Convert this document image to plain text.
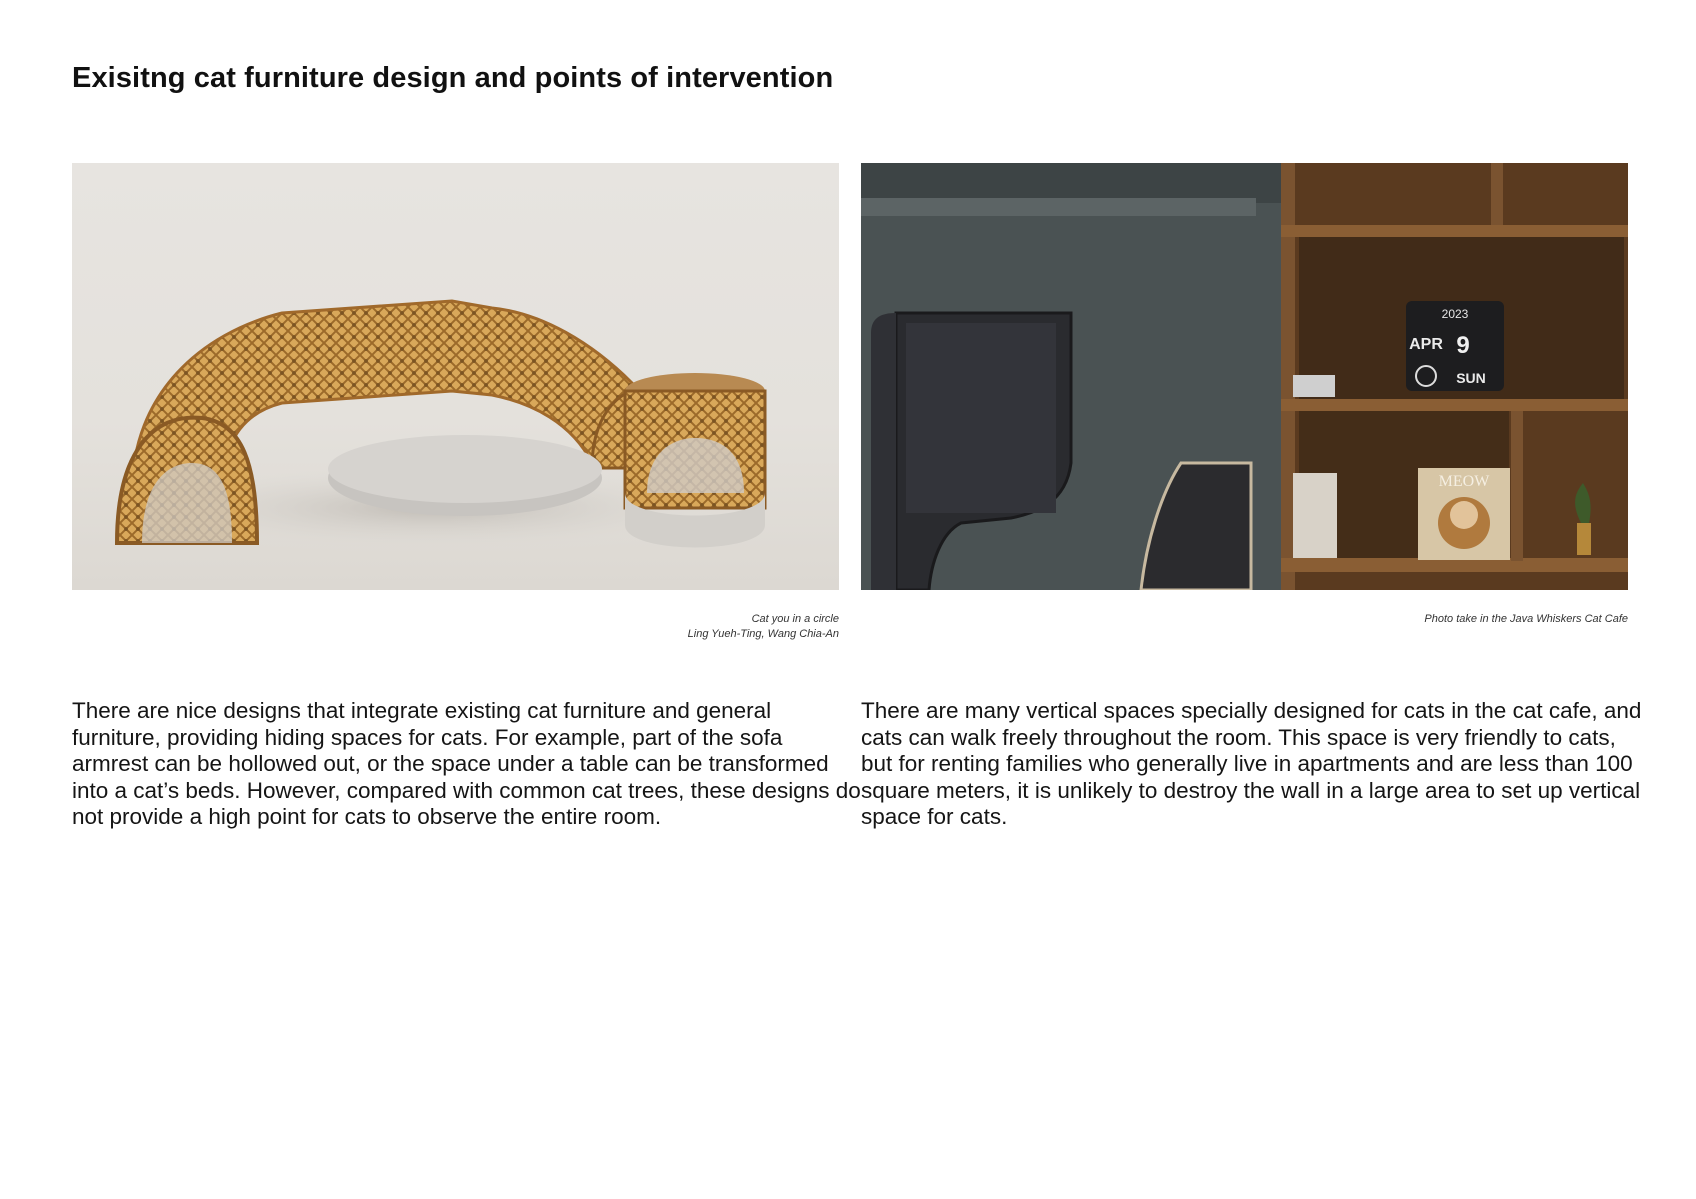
Exisitng cat furniture design and points of intervention
2023
APR 9
SUN
MEOW
Cat you in a circle
Ling Yueh-Ting, Wang Chia-An
Photo take in the Java Whiskers Cat Cafe
There are nice designs that integrate existing cat furniture and general furniture, providing hiding spaces for cats. For example, part of the sofa armrest can be hollowed out, or the space under a table can be transformed into a cat’s beds. However, compared with common cat trees, these designs do not provide a high point for cats to observe the entire room.
There are many vertical spaces specially designed for cats in the cat cafe, and cats can walk freely throughout the room. This space is very friendly to cats, but for renting families who generally live in apartments and are less than 100 square meters, it is unlikely to destroy the wall in a large area to set up vertical space for cats.
